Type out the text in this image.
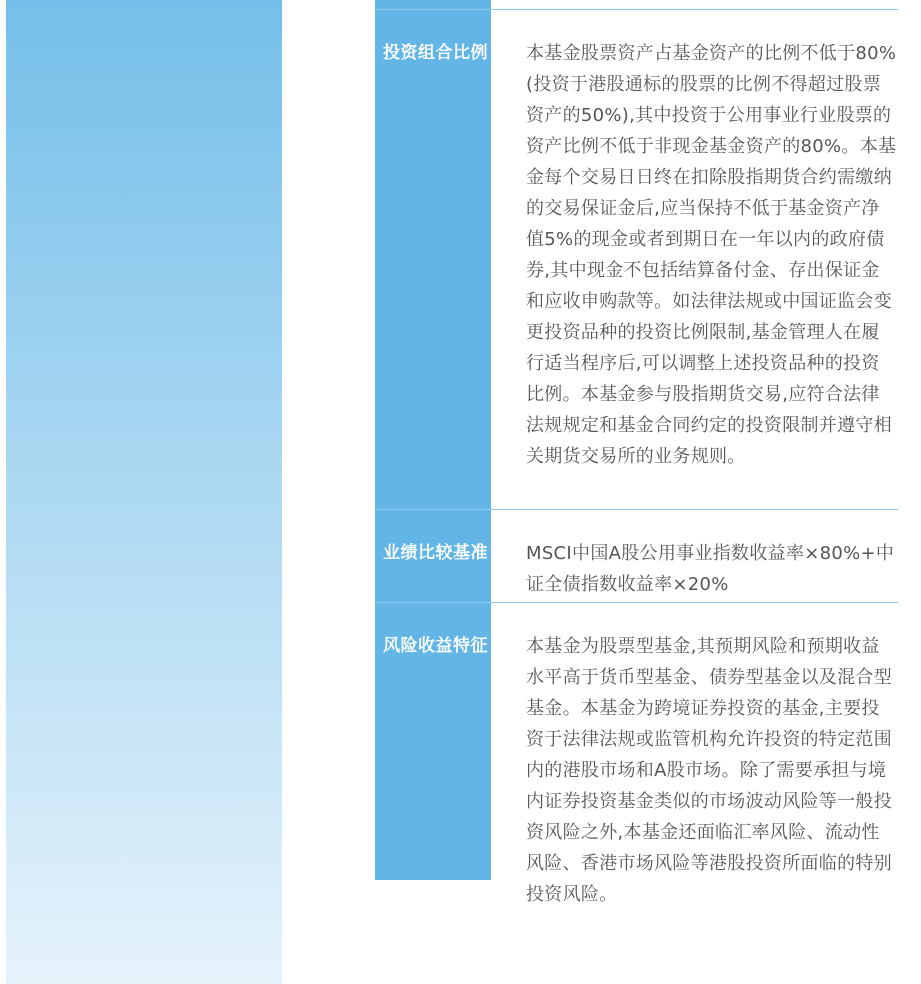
投资组合比例	本基金股票资产占基金资产的比例不低于80%(投资于港股通标的股票的比例不得超过股票资产的50%),其中投资于公用事业行业股票的资产比例不低于非现金基金资产的80%。本基金每个交易日日终在扣除股指期货合约需缴纳的交易保证金后,应当保持不低于基金资产净值5%的现金或者到期日在一年以内的政府债券,其中现金不包括结算备付金、存出保证金和应收申购款等。如法律法规或中国证监会变更投资品种的投资比例限制,基金管理人在履行适当程序后,可以调整上述投资品种的投资比例。本基金参与股指期货交易,应符合法律法规规定和基金合同约定的投资限制并遵守相关期货交易所的业务规则。
业绩比较基准	MSCI中国A股公用事业指数收益率×80%+中证全债指数收益率×20%
风险收益特征	本基金为股票型基金,其预期风险和预期收益水平高于货币型基金、债券型基金以及混合型基金。本基金为跨境证券投资的基金,主要投资于法律法规或监管机构允许投资的特定范围内的港股市场和A股市场。除了需要承担与境内证券投资基金类似的市场波动风险等一般投资风险之外,本基金还面临汇率风险、流动性风险、香港市场风险等港股投资所面临的特别投资风险。
